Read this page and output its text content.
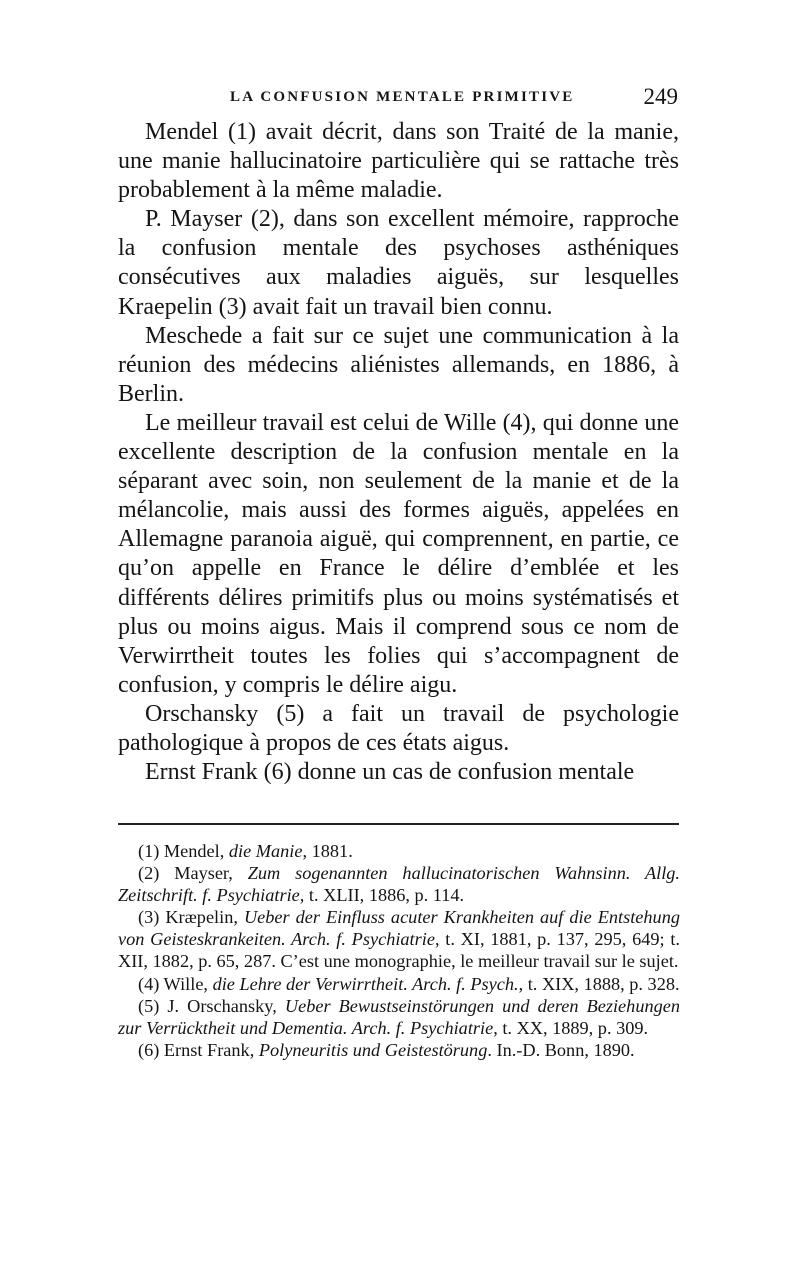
LA CONFUSION MENTALE PRIMITIVE	249

Mendel (1) avait décrit, dans son Traité de la manie, une manie hallucinatoire particulière qui se rattache très probablement à la même maladie.

P. Mayser (2), dans son excellent mémoire, rapproche la confusion mentale des psychoses asthéniques consécutives aux maladies aiguës, sur lesquelles Kraepelin (3) avait fait un travail bien connu.

Meschede a fait sur ce sujet une communication à la réunion des médecins aliénistes allemands, en 1886, à Berlin.

Le meilleur travail est celui de Wille (4), qui donne une excellente description de la confusion mentale en la séparant avec soin, non seulement de la manie et de la mélancolie, mais aussi des formes aiguës, appelées en Allemagne paranoia aiguë, qui comprennent, en partie, ce qu’on appelle en France le délire d’emblée et les différents délires primitifs plus ou moins systématisés et plus ou moins aigus. Mais il comprend sous ce nom de Verwirrtheit toutes les folies qui s’accompagnent de confusion, y compris le délire aigu.

Orschansky (5) a fait un travail de psychologie pathologique à propos de ces états aigus.

Ernst Frank (6) donne un cas de confusion mentale

(1) Mendel, die Manie, 1881.

(2) Mayser, Zum sogenannten hallucinatorischen Wahnsinn. Allg. Zeitschrift. f. Psychiatrie, t. XLII, 1886, p. 114.

(3) Kræpelin, Ueber der Einfluss acuter Krankheiten auf die Entstehung von Geisteskrankeiten. Arch. f. Psychiatrie, t. XI, 1881, p. 137, 295, 649; t. XII, 1882, p. 65, 287. C’est une monographie, le meilleur travail sur le sujet.

(4) Wille, die Lehre der Verwirrtheit. Arch. f. Psych., t. XIX, 1888, p. 328.

(5) J. Orschansky, Ueber Bewustseinstörungen und deren Beziehungen zur Verrücktheit und Dementia. Arch. f. Psychiatrie, t. XX, 1889, p. 309.

(6) Ernst Frank, Polyneuritis und Geistestörung. In.-D. Bonn, 1890.
